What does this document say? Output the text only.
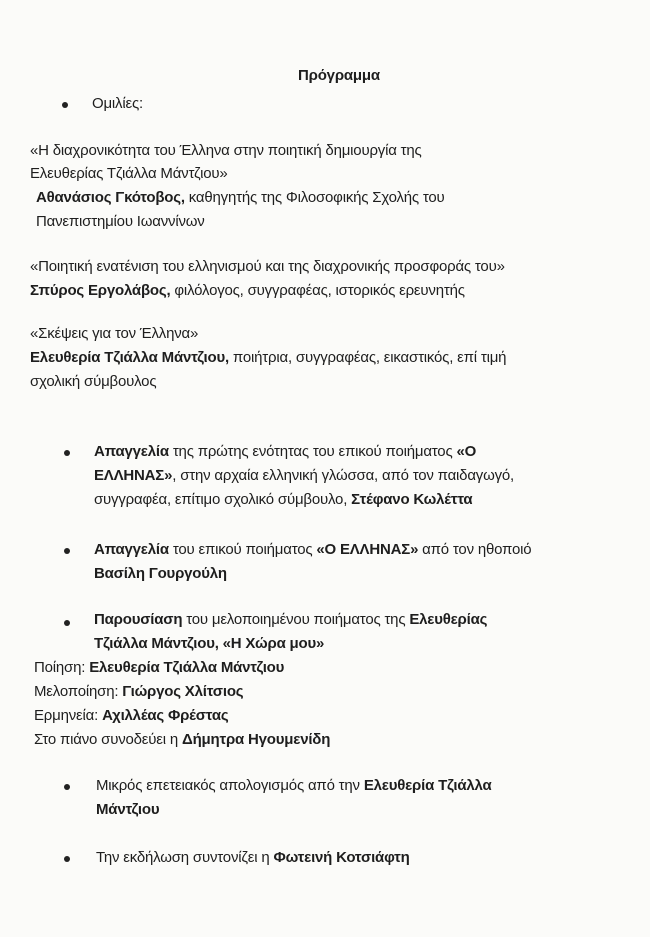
Πρόγραμμα
Ομιλίες:
«Η διαχρονικότητα του Έλληνα στην ποιητική δημιουργία της
Ελευθερίας Τζιάλλα Μάντζιου»
Αθανάσιος Γκότοβος, καθηγητής της Φιλοσοφικής Σχολής του
Πανεπιστημίου Ιωαννίνων
«Ποιητική ενατένιση του ελληνισμού και της διαχρονικής προσφοράς του»
Σπύρος Εργολάβος, φιλόλογος, συγγραφέας, ιστορικός ερευνητής
«Σκέψεις για τον Έλληνα»
Ελευθερία Τζιάλλα Μάντζιου, ποιήτρια, συγγραφέας, εικαστικός, επί τιμή
σχολική σύμβουλος
Απαγγελία της πρώτης ενότητας του επικού ποιήματος «Ο
ΕΛΛΗΝΑΣ», στην αρχαία ελληνική γλώσσα, από τον παιδαγωγό,
συγγραφέα, επίτιμο σχολικό σύμβουλο, Στέφανο Κωλέττα
Απαγγελία του επικού ποιήματος «Ο ΕΛΛΗΝΑΣ» από τον ηθοποιό
Βασίλη Γουργούλη
Παρουσίαση του μελοποιημένου ποιήματος της Ελευθερίας
Τζιάλλα Μάντζιου, «Η Χώρα μου»
Ποίηση: Ελευθερία Τζιάλλα Μάντζιου
Μελοποίηση: Γιώργος Χλίτσιος
Ερμηνεία: Αχιλλέας Φρέστας
Στο πιάνο συνοδεύει η Δήμητρα Ηγουμενίδη
Μικρός επετειακός απολογισμός από την Ελευθερία Τζιάλλα
Μάντζιου
Την εκδήλωση συντονίζει η Φωτεινή Κοτσιάφτη
